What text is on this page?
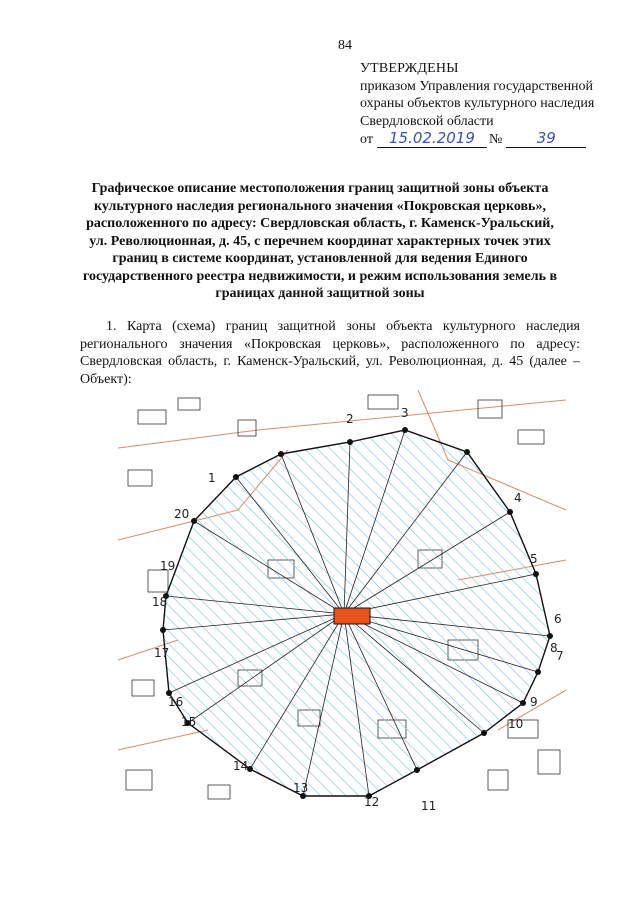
84
УТВЕРЖДЕНЫ
приказом Управления государственной
охраны объектов культурного наследия
Свердловской области
от	15.02.2019	№	39
Графическое описание местоположения границ защитной зоны объекта культурного наследия регионального значения «Покровская церковь», расположенного по адресу: Свердловская область, г. Каменск-Уральский, ул. Революционная, д. 45, с перечнем координат характерных точек этих границ в системе координат, установленной для ведения Единого государственного реестра недвижимости, и режим использования земель в границах данной защитной зоны
1. Карта (схема) границ защитной зоны объекта культурного наследия регионального значения «Покровская церковь», расположенного по адресу: Свердловская область, г. Каменск-Уральский, ул. Революционная, д. 45 (далее – Объект):
1
2	3
4
5
6
7
8
9
10
11
12
13
14
15
16
17
18
19
20
